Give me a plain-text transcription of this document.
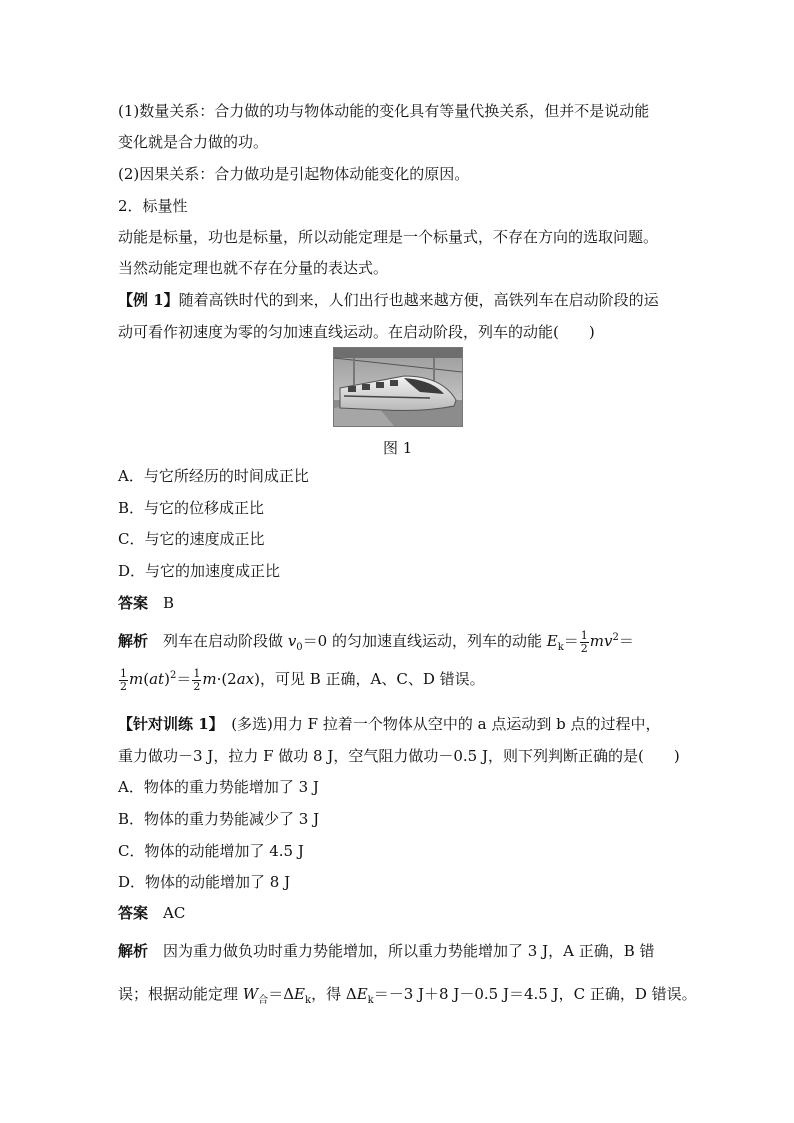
(1)数量关系：合力做的功与物体动能的变化具有等量代换关系，但并不是说动能
变化就是合力做的功。
(2)因果关系：合力做功是引起物体动能变化的原因。
2．标量性
动能是标量，功也是标量，所以动能定理是一个标量式，不存在方向的选取问题。
当然动能定理也就不存在分量的表达式。
【例 1】随着高铁时代的到来，人们出行也越来越方便，高铁列车在启动阶段的运
动可看作初速度为零的匀加速直线运动。在启动阶段，列车的动能(　　)
图 1
A．与它所经历的时间成正比
B．与它的位移成正比
C．与它的速度成正比
D．与它的加速度成正比
答案　 B
解析　 列车在启动阶段做 $v_0=0$ 的匀加速直线运动，列车的动能 $E_k= \frac{1}{2} mv^2=$
$\frac{1}{2} m(at)^2= \frac{1}{2} m\cdot(2ax)$，可见 B 正确，A、C、D 错误。
【针对训练 1】　 (多选)用力 F 拉着一个物体从空中的 a 点运动到 b 点的过程中，
重力做功－3 J，拉力 F 做功 8 J，空气阻力做功－0.5 J，则下列判断正确的是(　　)
A．物体的重力势能增加了 3 J
B．物体的重力势能减少了 3 J
C．物体的动能增加了 4.5 J
D．物体的动能增加了 8 J
答案　 AC
解析　 因为重力做负功时重力势能增加，所以重力势能增加了 3 J，A 正确，B 错
误；根据动能定理 $W_合=\Delta E_k$，得 $\Delta E_k=-3$ J＋8 J－0.5 J＝4.5 J，C 正确，D 错误。
